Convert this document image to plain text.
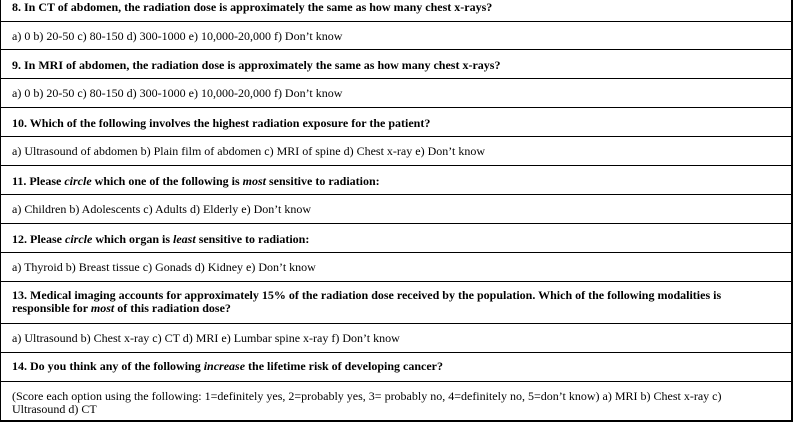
8. In CT of abdomen, the radiation dose is approximately the same as how many chest x-rays?
a) 0 b) 20-50 c) 80-150 d) 300-1000 e) 10,000-20,000 f) Don’t know
9. In MRI of abdomen, the radiation dose is approximately the same as how many chest x-rays?
a) 0 b) 20-50 c) 80-150 d) 300-1000 e) 10,000-20,000 f) Don’t know
10. Which of the following involves the highest radiation exposure for the patient?
a) Ultrasound of abdomen b) Plain film of abdomen c) MRI of spine d) Chest x-ray e) Don’t know
11. Please circle which one of the following is most sensitive to radiation:
a) Children b) Adolescents c) Adults d) Elderly e) Don’t know
12. Please circle which organ is least sensitive to radiation:
a) Thyroid b) Breast tissue c) Gonads d) Kidney e) Don’t know
13. Medical imaging accounts for approximately 15% of the radiation dose received by the population. Which of the following modalities is responsible for most of this radiation dose?
a) Ultrasound b) Chest x-ray c) CT d) MRI e) Lumbar spine x-ray f) Don’t know
14. Do you think any of the following increase the lifetime risk of developing cancer?
(Score each option using the following: 1=definitely yes, 2=probably yes, 3= probably no, 4=definitely no, 5=don’t know) a) MRI b) Chest x-ray c) Ultrasound d) CT
